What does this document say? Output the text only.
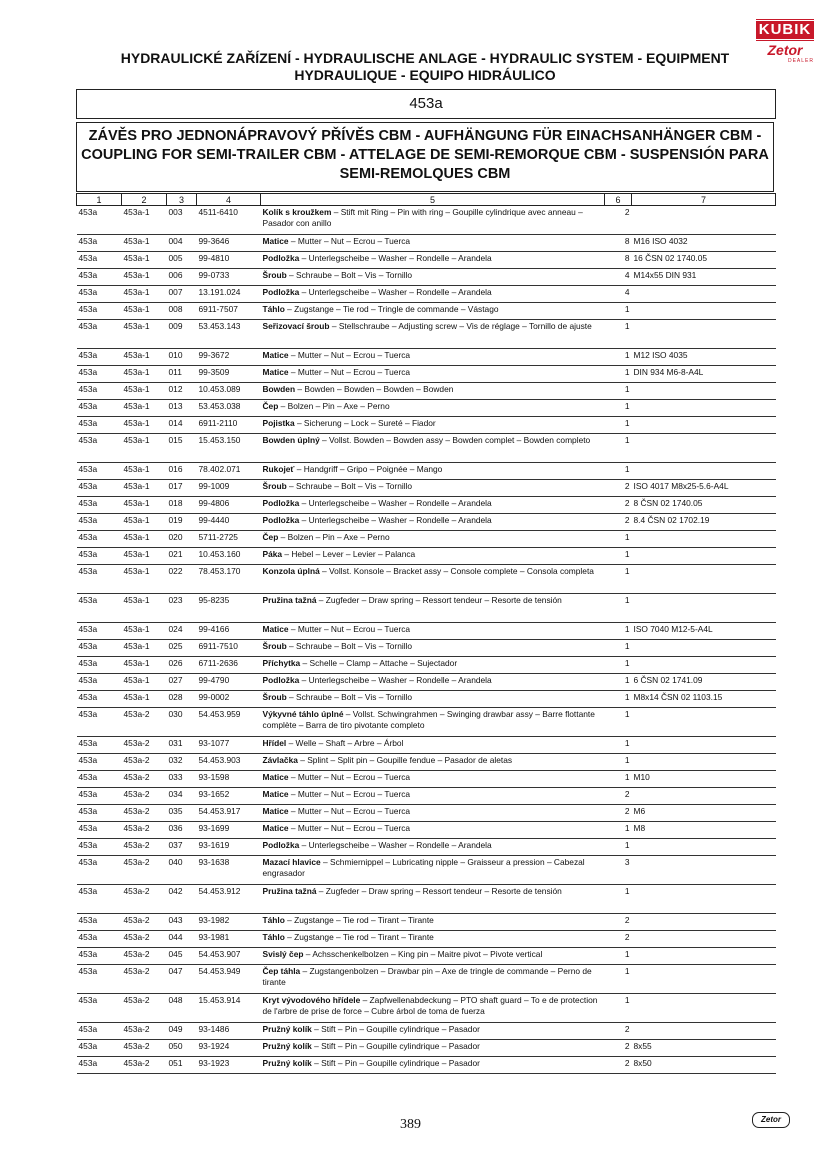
KUBIK
Zetor
DEALER
HYDRAULICKÉ ZAŘÍZENÍ - HYDRAULISCHE ANLAGE - HYDRAULIC SYSTEM - EQUIPMENT
HYDRAULIQUE - EQUIPO HIDRÁULICO
453a
ZÁVĚS PRO JEDNONÁPRAVOVÝ PŘÍVĚS CBM - AUFHÄNGUNG FÜR EINACHSANHÄNGER CBM -
COUPLING FOR SEMI-TRAILER CBM - ATTELAGE DE SEMI-REMORQUE CBM - SUSPENSIÓN PARA
SEMI-REMOLQUES CBM
1	2	3	4	5	6	7
453a	453a-1	003	4511-6410	Kolík s kroužkem – Stift mit Ring – Pin with ring – Goupille cylindrique avec anneau – Pasador con anillo	2	
453a	453a-1	004	99-3646	Matice – Mutter – Nut – Ecrou – Tuerca	8	M16 ISO 4032
453a	453a-1	005	99-4810	Podložka – Unterlegscheibe – Washer – Rondelle – Arandela	8	16 ČSN 02 1740.05
453a	453a-1	006	99-0733	Šroub – Schraube – Bolt – Vis – Tornillo	4	M14x55 DIN 931
453a	453a-1	007	13.191.024	Podložka – Unterlegscheibe – Washer – Rondelle – Arandela	4	
453a	453a-1	008	6911-7507	Táhlo – Zugstange – Tie rod – Tringle de commande – Vástago	1	
453a	453a-1	009	53.453.143	Seřizovací šroub – Stellschraube – Adjusting screw – Vis de réglage – Tornillo de ajuste	1	
453a	453a-1	010	99-3672	Matice – Mutter – Nut – Ecrou – Tuerca	1	M12 ISO 4035
453a	453a-1	011	99-3509	Matice – Mutter – Nut – Ecrou – Tuerca	1	DIN 934 M6-8-A4L
453a	453a-1	012	10.453.089	Bowden – Bowden – Bowden – Bowden – Bowden	1	
453a	453a-1	013	53.453.038	Čep – Bolzen – Pin – Axe – Perno	1	
453a	453a-1	014	6911-2110	Pojistka – Sicherung – Lock – Sureté – Fiador	1	
453a	453a-1	015	15.453.150	Bowden úplný – Vollst. Bowden – Bowden assy – Bowden complet – Bowden completo	1	
453a	453a-1	016	78.402.071	Rukojeť – Handgriff – Gripo – Poignée – Mango	1	
453a	453a-1	017	99-1009	Šroub – Schraube – Bolt – Vis – Tornillo	2	ISO 4017 M8x25-5.6-A4L
453a	453a-1	018	99-4806	Podložka – Unterlegscheibe – Washer – Rondelle – Arandela	2	8 ČSN 02 1740.05
453a	453a-1	019	99-4440	Podložka – Unterlegscheibe – Washer – Rondelle – Arandela	2	8.4 ČSN 02 1702.19
453a	453a-1	020	5711-2725	Čep – Bolzen – Pin – Axe – Perno	1	
453a	453a-1	021	10.453.160	Páka – Hebel – Lever – Levier – Palanca	1	
453a	453a-1	022	78.453.170	Konzola úplná – Vollst. Konsole – Bracket assy – Console complete – Consola completa	1	
453a	453a-1	023	95-8235	Pružina tažná – Zugfeder – Draw spring – Ressort tendeur – Resorte de tensión	1	
453a	453a-1	024	99-4166	Matice – Mutter – Nut – Ecrou – Tuerca	1	ISO 7040 M12-5-A4L
453a	453a-1	025	6911-7510	Šroub – Schraube – Bolt – Vis – Tornillo	1	
453a	453a-1	026	6711-2636	Příchytka – Schelle – Clamp – Attache – Sujectador	1	
453a	453a-1	027	99-4790	Podložka – Unterlegscheibe – Washer – Rondelle – Arandela	1	6 ČSN 02 1741.09
453a	453a-1	028	99-0002	Šroub – Schraube – Bolt – Vis – Tornillo	1	M8x14 ČSN 02 1103.15
453a	453a-2	030	54.453.959	Výkyvné táhlo úplné – Vollst. Schwingrahmen – Swinging drawbar assy – Barre flottante complète – Barra de tiro pivotante completo	1	
453a	453a-2	031	93-1077	Hřídel – Welle – Shaft – Arbre – Árbol	1	
453a	453a-2	032	54.453.903	Závlačka – Splint – Split pin – Goupille fendue – Pasador de aletas	1	
453a	453a-2	033	93-1598	Matice – Mutter – Nut – Ecrou – Tuerca	1	M10
453a	453a-2	034	93-1652	Matice – Mutter – Nut – Ecrou – Tuerca	2	
453a	453a-2	035	54.453.917	Matice – Mutter – Nut – Ecrou – Tuerca	2	M6
453a	453a-2	036	93-1699	Matice – Mutter – Nut – Ecrou – Tuerca	1	M8
453a	453a-2	037	93-1619	Podložka – Unterlegscheibe – Washer – Rondelle – Arandela	1	
453a	453a-2	040	93-1638	Mazací hlavice – Schmiernippel – Lubricating nipple – Graisseur a pression – Cabezal engrasador	3	
453a	453a-2	042	54.453.912	Pružina tažná – Zugfeder – Draw spring – Ressort tendeur – Resorte de tensión	1	
453a	453a-2	043	93-1982	Táhlo – Zugstange – Tie rod – Tirant – Tirante	2	
453a	453a-2	044	93-1981	Táhlo – Zugstange – Tie rod – Tirant – Tirante	2	
453a	453a-2	045	54.453.907	Svislý čep – Achsschenkelbolzen – King pin – Maitre pivot – Pivote vertical	1	
453a	453a-2	047	54.453.949	Čep táhla – Zugstangenbolzen – Drawbar pin – Axe de tringle de commande – Perno de tirante	1	
453a	453a-2	048	15.453.914	Kryt vývodového hřídele – Zapfwellenabdeckung – PTO shaft guard – To e de protection de l'arbre de prise de force – Cubre árbol de toma de fuerza	1	
453a	453a-2	049	93-1486	Pružný kolík – Stift – Pin – Goupille cylindrique – Pasador	2	
453a	453a-2	050	93-1924	Pružný kolík – Stift – Pin – Goupille cylindrique – Pasador	2	8x55
453a	453a-2	051	93-1923	Pružný kolík – Stift – Pin – Goupille cylindrique – Pasador	2	8x50
389	Zetor
